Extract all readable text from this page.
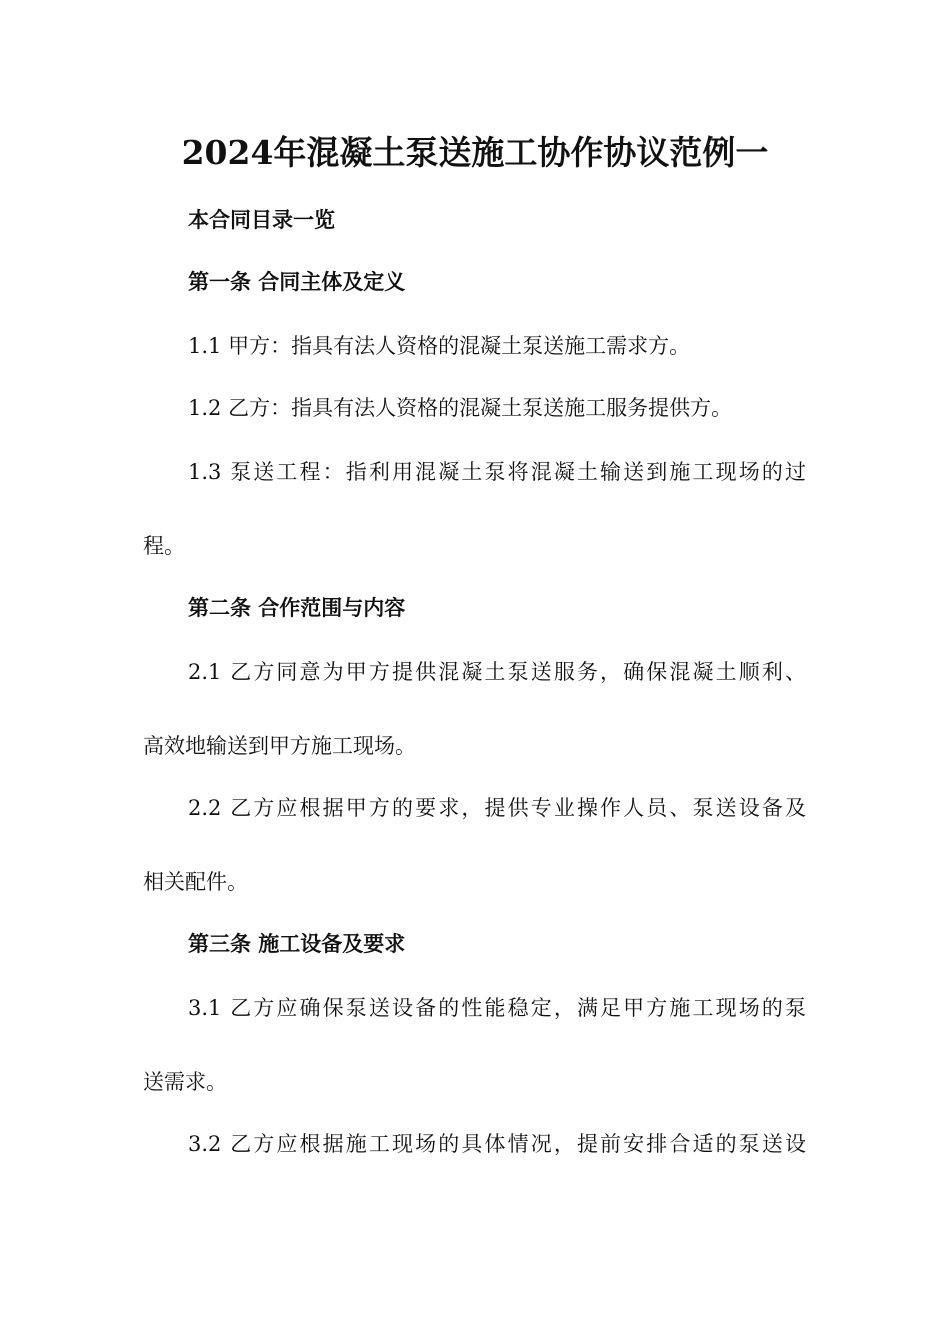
2024年混凝土泵送施工协作协议范例一

本合同目录一览

第一条 合同主体及定义

1.1 甲方：指具有法人资格的混凝土泵送施工需求方。

1.2 乙方：指具有法人资格的混凝土泵送施工服务提供方。

1.3 泵送工程：指利用混凝土泵将混凝土输送到施工现场的过

程。

第二条 合作范围与内容

2.1 乙方同意为甲方提供混凝土泵送服务，确保混凝土顺利、

高效地输送到甲方施工现场。

2.2 乙方应根据甲方的要求，提供专业操作人员、泵送设备及

相关配件。

第三条 施工设备及要求

3.1 乙方应确保泵送设备的性能稳定，满足甲方施工现场的泵

送需求。

3.2 乙方应根据施工现场的具体情况，提前安排合适的泵送设
